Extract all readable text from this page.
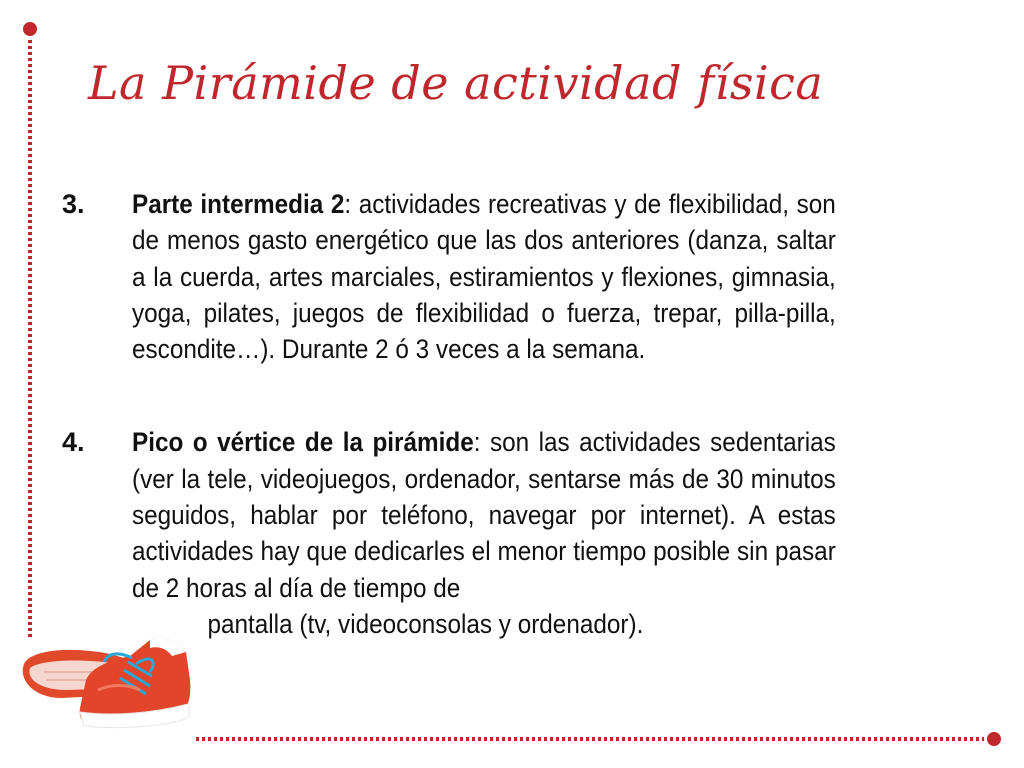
La Pirámide de actividad física
3.	Parte intermedia 2: actividades recreativas y de flexibilidad, son de menos gasto energético que las dos anteriores (danza, saltar a la cuerda, artes marciales, estiramientos y flexiones, gimnasia, yoga, pilates, juegos de flexibilidad o fuerza, trepar, pilla-pilla, escondite…). Durante 2 ó 3 veces a la semana.
4.	Pico o vértice de la pirámide: son las actividades sedentarias (ver la tele, videojuegos, ordenador, sentarse más de 30 minutos seguidos, hablar por teléfono, navegar por internet). A estas actividades hay que dedicarles el menor tiempo posible sin pasar de 2 horas al día de tiempo de
pantalla (tv, videoconsolas y ordenador).
